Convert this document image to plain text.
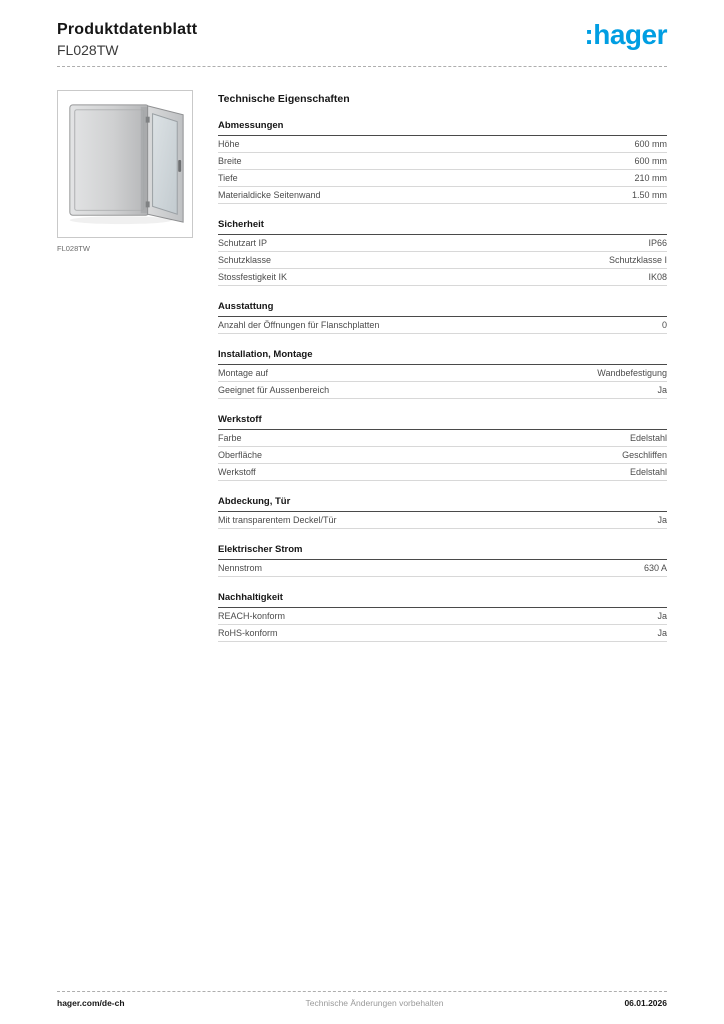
Produktdatenblatt
FL028TW	:hager
FL028TW
Technische Eigenschaften
Abmessungen
Höhe	600 mm
Breite	600 mm
Tiefe	210 mm
Materialdicke Seitenwand	1.50 mm
Sicherheit
Schutzart IP	IP66
Schutzklasse	Schutzklasse I
Stossfestigkeit IK	IK08
Ausstattung
Anzahl der Öffnungen für Flanschplatten	0
Installation, Montage
Montage auf	Wandbefestigung
Geeignet für Aussenbereich	Ja
Werkstoff
Farbe	Edelstahl
Oberfläche	Geschliffen
Werkstoff	Edelstahl
Abdeckung, Tür
Mit transparentem Deckel/Tür	Ja
Elektrischer Strom
Nennstrom	630 A
Nachhaltigkeit
REACH-konform	Ja
RoHS-konform	Ja
hager.com/de-ch	Technische Änderungen vorbehalten	06.01.2026
